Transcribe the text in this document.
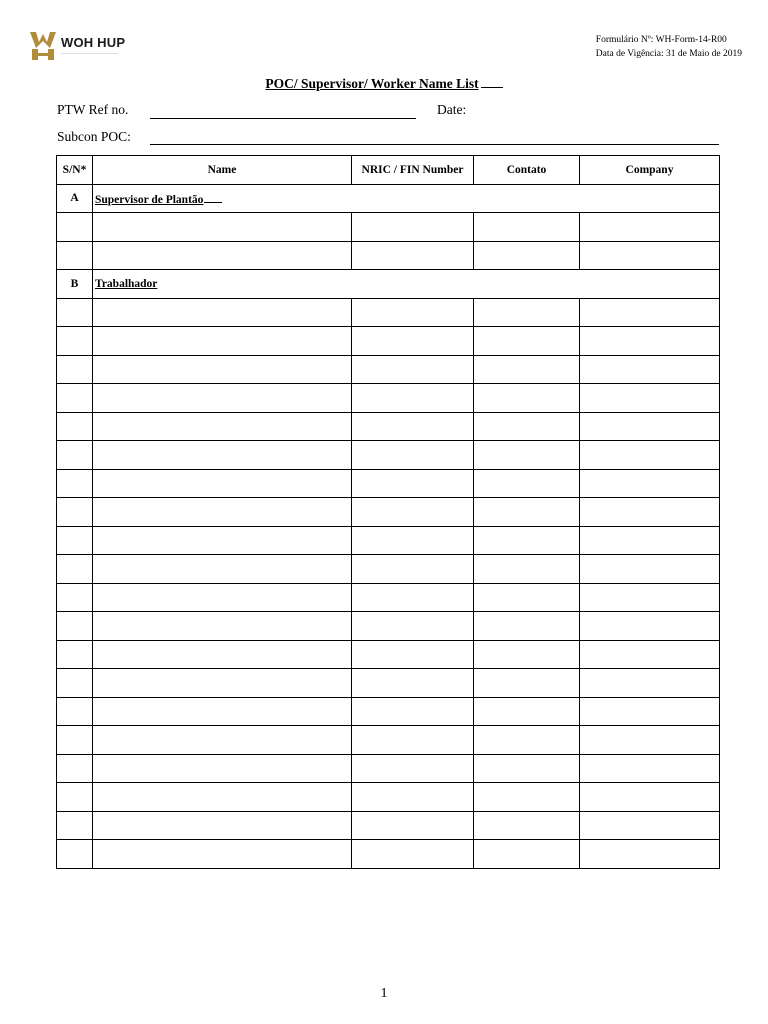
WOH HUP
——————————————
Formulário Nº: WH-Form-14-R00
Data de Vigência: 31 de Maio de 2019
POC/ Supervisor/ Worker Name List
PTW Ref no.	Date:
Subcon POC:
S/N*	Name	NRIC / FIN Number	Contato	Company
A	Supervisor de Plantão			

B	Trabalhador			

1
